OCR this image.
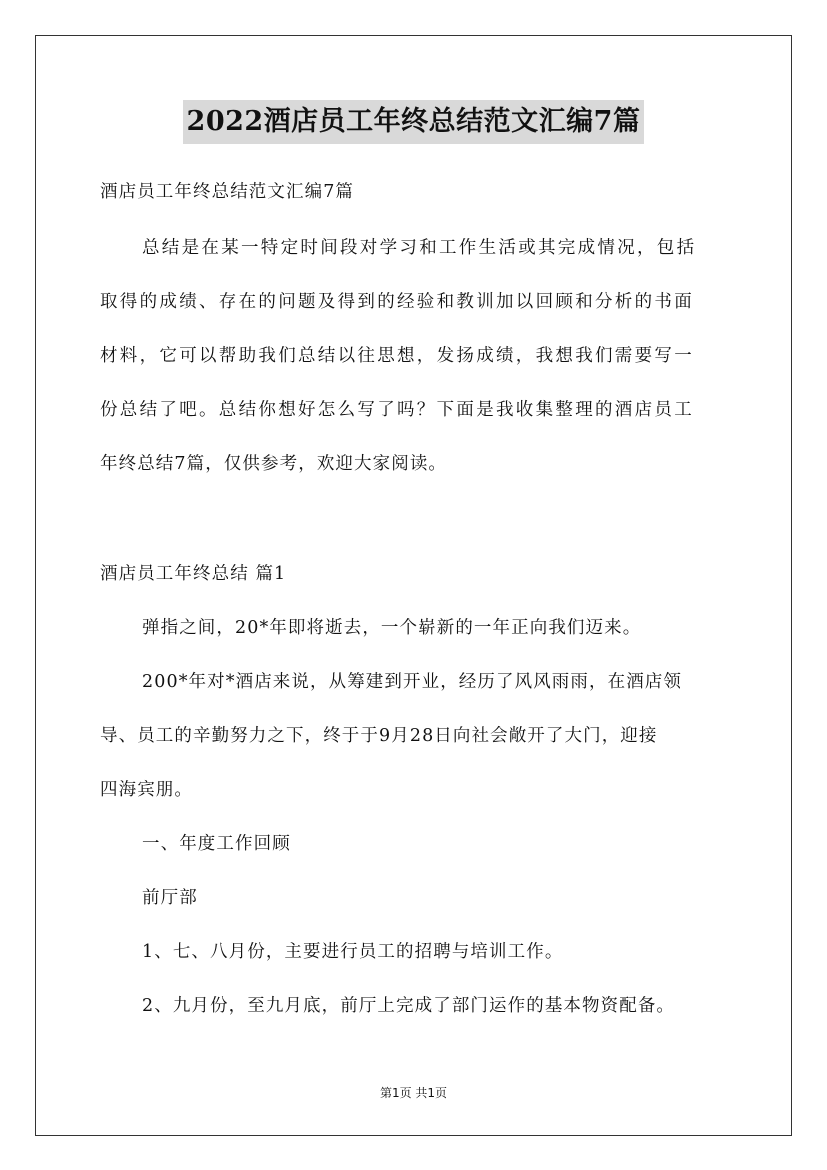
2022酒店员工年终总结范文汇编7篇
酒店员工年终总结范文汇编7篇
总结是在某一特定时间段对学习和工作生活或其完成情况，包括
取得的成绩、存在的问题及得到的经验和教训加以回顾和分析的书面
材料，它可以帮助我们总结以往思想，发扬成绩，我想我们需要写一
份总结了吧。总结你想好怎么写了吗？下面是我收集整理的酒店员工
年终总结7篇，仅供参考，欢迎大家阅读。
酒店员工年终总结 篇1
弹指之间，20*年即将逝去，一个崭新的一年正向我们迈来。
200*年对*酒店来说，从筹建到开业，经历了风风雨雨，在酒店领
导、员工的辛勤努力之下，终于于9月28日向社会敞开了大门，迎接
四海宾朋。
一、年度工作回顾
前厅部
1、七、八月份，主要进行员工的招聘与培训工作。
2、九月份，至九月底，前厅上完成了部门运作的基本物资配备。
第1页 共1页
